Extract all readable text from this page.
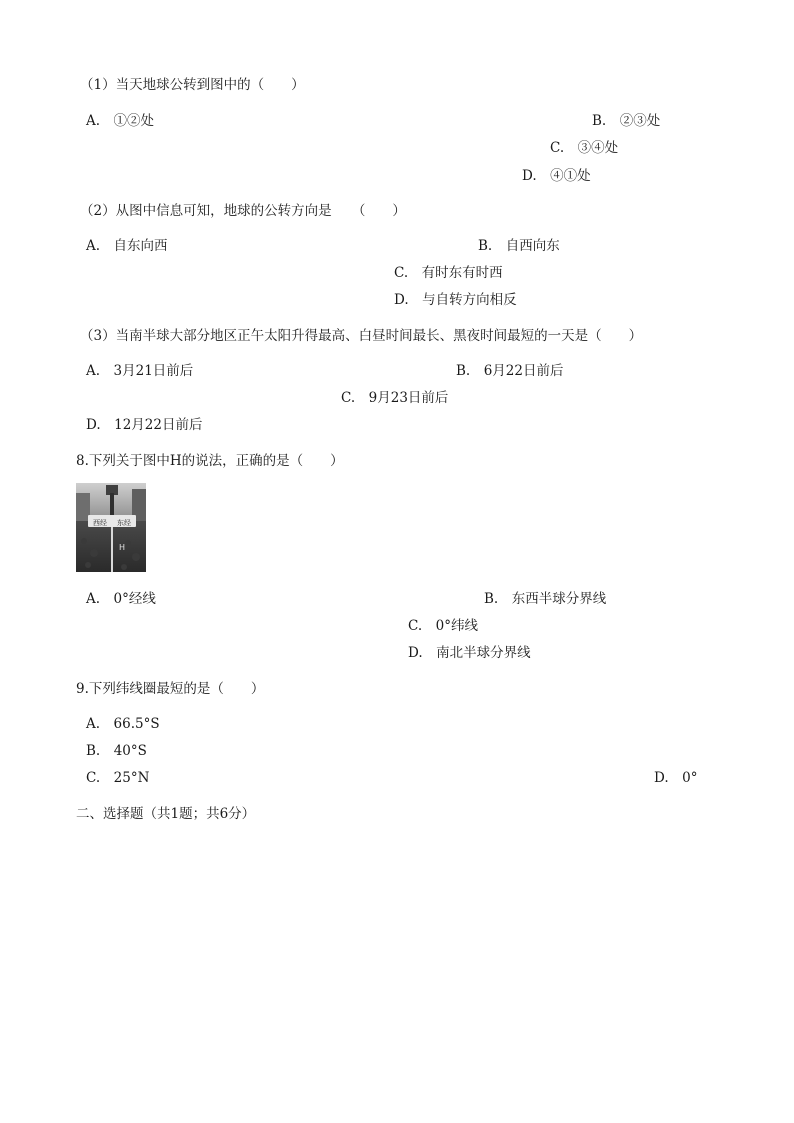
（1）当天地球公转到图中的（　　）
A.　①②处	B.　②③处
C.　③④处
D.　④①处
（2）从图中信息可知，地球的公转方向是　　（　　）
A.　自东向西	B.　自西向东
C.　有时东有时西
D.　与自转方向相反
（3）当南半球大部分地区正午太阳升得最高、白昼时间最长、黑夜时间最短的一天是（　　）
A.　3月21日前后	B.　6月22日前后
C.　9月23日前后
D.　12月22日前后
8.下列关于图中H的说法，正确的是（　　）
西经 东经
H
A.　0°经线	B.　东西半球分界线
C.　0°纬线
D.　南北半球分界线
9.下列纬线圈最短的是（　　）
A.　66.5°S
B.　40°S
C.　25°N	D.　0°
二、选择题（共1题；共6分）
